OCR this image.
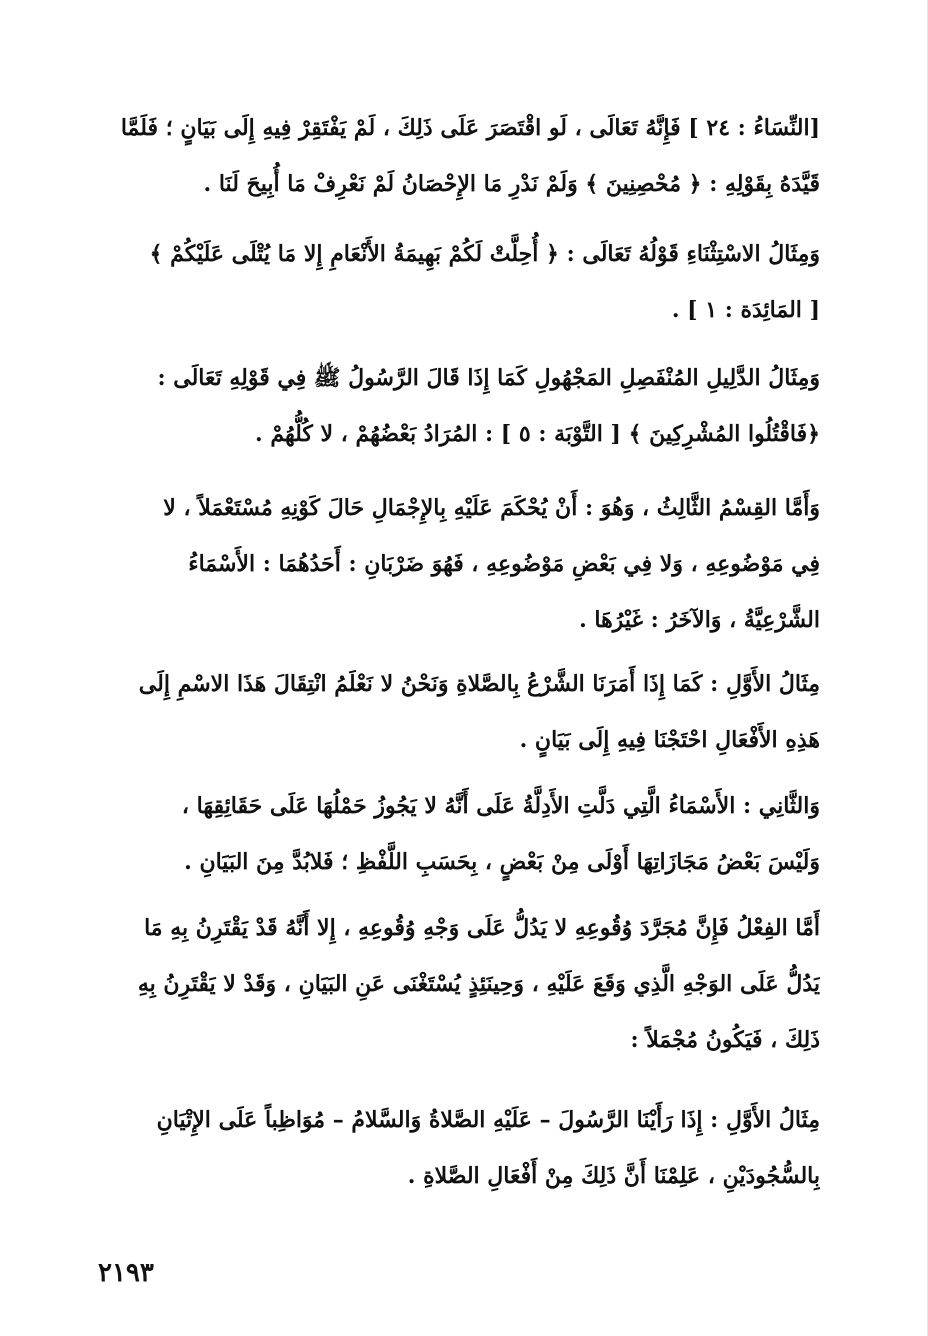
[النِّسَاءُ : ٢٤ ] فَإِنَّهُ تَعَالَى ، لَو اقْتَصَرَ عَلَى ذَلِكَ ، لَمْ يَفْتَقِرْ فِيهِ إِلَى بَيَانٍ ؛ فَلَمَّا
قَيَّدَهُ بِقَوْلِهِ : ﴿ مُحْصِنِينَ ﴾ وَلَمْ نَدْرِ مَا الإِحْصَانُ لَمْ نَعْرِفْ مَا أُبِيحَ لَنَا .
وَمِثَالُ الاسْتِثْنَاءِ قَوْلُهُ تَعَالَى : ﴿ أُحِلَّتْ لَكُمْ بَهِيمَةُ الأَنْعَامِ إِلا مَا يُتْلَى عَلَيْكُمْ ﴾
[ المَائِدَة : ١ ] .
وَمِثَالُ الدَّلِيلِ المُنْفَصِلِ المَجْهُولِ كَمَا إِذَا قَالَ الرَّسُولُ ﷺ فِي قَوْلِهِ تَعَالَى :
﴿فَاقْتُلُوا المُشْرِكِينَ ﴾ [ التَّوْبَة : ٥ ] : المُرَادُ بَعْضُهُمْ ، لا كُلُّهُمْ .
وَأَمَّا القِسْمُ الثَّالِثُ ، وَهُوَ : أَنْ يُحْكَمَ عَلَيْهِ بِالإِجْمَالِ حَالَ كَوْنِهِ مُسْتَعْمَلاً ، لا
فِي مَوْضُوعِهِ ، وَلا فِي بَعْضِ مَوْضُوعِهِ ، فَهُوَ ضَرْبَانِ : أَحَدُهُمَا : الأَسْمَاءُ
الشَّرْعِيَّةُ ، وَالآخَرُ : غَيْرُهَا .
مِثَالُ الأَوَّلِ : كَمَا إِذَا أَمَرَنَا الشَّرْعُ بِالصَّلاةِ وَنَحْنُ لا نَعْلَمُ انْتِقَالَ هَذَا الاسْمِ إِلَى
هَذِهِ الأَفْعَالِ احْتَجْنَا فِيهِ إِلَى بَيَانٍ .
وَالثَّانِي : الأَسْمَاءُ الَّتِي دَلَّتِ الأَدِلَّةُ عَلَى أَنَّهُ لا يَجُوزُ حَمْلُهَا عَلَى حَقَائِقِهَا ،
وَلَيْسَ بَعْضُ مَجَازَاتِهَا أَوْلَى مِنْ بَعْضٍ ، بِحَسَبِ اللَّفْظِ ؛ فَلابُدَّ مِنَ البَيَانِ .
أَمَّا الفِعْلُ فَإِنَّ مُجَرَّدَ وُقُوعِهِ لا يَدُلُّ عَلَى وَجْهِ وُقُوعِهِ ، إِلا أَنَّهُ قَدْ يَقْتَرِنُ بِهِ مَا
يَدُلُّ عَلَى الوَجْهِ الَّذِي وَقَعَ عَلَيْهِ ، وَحِينَئِذٍ يُسْتَغْنَى عَنِ البَيَانِ ، وَقَدْ لا يَقْتَرِنُ بِهِ
ذَلِكَ ، فَيَكُونُ مُجْمَلاً :
مِثَالُ الأَوَّلِ : إِذَا رَأَيْنَا الرَّسُولَ – عَلَيْهِ الصَّلاةُ وَالسَّلامُ – مُوَاظِباً عَلَى الإِتْيَانِ
بِالسُّجُودَيْنِ ، عَلِمْنَا أَنَّ ذَلِكَ مِنْ أَفْعَالِ الصَّلاةِ .
٢١٩٣
